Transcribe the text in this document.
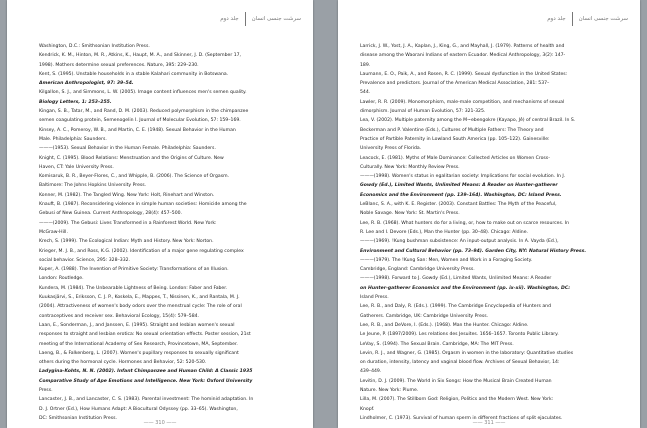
جلد دوم سرشت جنسی انسان
Washington, D.C.: Smithsonian Institution Press.
Kendrick, K. M., Hinton, M. R., Atkins, K., Haupt, M. A., and Skinner, J. D. (September 17,
1998). Mothers determine sexual preferences. Nature, 395: 229–230.
Kent, S. (1995). Unstable households in a stable Kalahari community in Botswana.
American Anthropologist, 97: 39–54.
Kilgallon, S. J., and Simmons, L. W. (2005). Image content influences men's semen quality.
Biology Letters, 1: 253–255.
Kingan, S. B., Tatar, M., and Rand, D. M. (2003). Reduced polymorphism in the chimpanzee
semen coagulating protein, Semenogelin I. Journal of Molecular Evolution, 57: 159–169.
Kinsey, A. C., Pomeroy, W. B., and Martin, C. E. (1948). Sexual Behavior in the Human
Male. Philadelphia: Saunders.
———(1953). Sexual Behavior in the Human Female. Philadelphia: Saunders.
Knight, C. (1995). Blood Relations: Menstruation and the Origins of Culture. New
Haven, CT: Yale University Press.
Komisaruk, B. R., Beyer-Flores, C., and Whipple, B. (2006). The Science of Orgasm.
Baltimore: The Johns Hopkins University Press.
Konner, M. (1982). The Tangled Wing. New York: Holt, Rinehart and Winston.
Knauft, B. (1987). Reconsidering violence in simple human societies: Homicide among the
Gebusi of New Guinea. Current Anthropology, 28(4): 457–500.
———(2009). The Gebusi: Lives Transformed in a Rainforest World. New York:
McGraw-Hill.
Krech, S. (1999). The Ecological Indian: Myth and History. New York: Norton.
Krieger, M. J. B., and Ross, K.G. (2002). Identification of a major gene regulating complex
social behavior. Science, 295: 328–332.
Kuper, A. (1988). The Invention of Primitive Society: Transformations of an Illusion.
London: Routledge.
Kundera, M. (1984). The Unbearable Lightness of Being. London: Faber and Faber.
Kuukasjärvi, S., Eriksson, C. J. P., Koskela, E., Mappes, T., Nissinen, K., and Rantala, M. J.
(2004). Attractiveness of women's body odors over the menstrual cycle: The role of oral
contraceptives and receiver sex. Behavioral Ecology, 15(4): 579–584.
Laan, E., Sonderman, J., and Janssen, E. (1995). Straight and lesbian women's sexual
responses to straight and lesbian erotica: No sexual orientation effects. Poster session, 21st
meeting of the International Academy of Sex Research, Provincetown, MA, September.
Laeng, B., & Falkenberg, L. (2007). Women's pupillary responses to sexually significant
others during the hormonal cycle. Hormones and Behavior, 52: 520-530.
Ladygina-Kohts, N. N. (2002). Infant Chimpanzee and Human Child: A Classic 1935
Comparative Study of Ape Emotions and Intelligence. New York: Oxford University
Press.
Lancaster, J. B., and Lancaster, C. S. (1983). Parental investment: The hominid adaptation. In
D. J. Ortner (Ed.), How Humans Adapt: A Biocultural Odyssey (pp. 33–65). Washington,
DC: Smithsonian Institution Press.
—— 310 ——
جلد دوم سرشت جنسی انسان
Larrick, J. W., Yost, J. A., Kaplan, J., King, G., and Mayhall, J. (1979). Patterns of health and
disease among the Waorani Indians of eastern Ecuador. Medical Anthropology, 3(2): 147-
189.
Laumann, E. O., Paik, A., and Rosen, R. C. (1999). Sexual dysfunction in the United States:
Prevalence and predictors. Journal of the American Medical Association, 281: 537–
544.
Lawler, R. R. (2009). Monomorphism, male-male competition, and mechanisms of sexual
dimorphism. Journal of Human Evolution, 57: 321-325.
Lea, V. (2002). Multiple paternity among the M~ebengokre (Kayapo, Jê) of central Brazil. In S.
Beckerman and P. Valentine (Eds.), Cultures of Multiple Fathers: The Theory and
Practice of Partible Paternity in Lowland South America (pp. 105–122). Gainesville:
University Press of Florida.
Leacock, E. (1981). Myths of Male Dominance: Collected Articles on Women Cross-
Culturally. New York: Monthly Review Press.
———(1998). Women's status in egalitarian society: Implications for social evolution. In J.
Gowdy (Ed.), Limited Wants, Unlimited Means: A Reader on Hunter-gatherer
Economics and the Environment (pp. 139–164). Washington, DC: Island Press.
LeBlanc, S. A., with K. E. Register. (2003). Constant Battles: The Myth of the Peaceful,
Noble Savage. New York: St. Martin's Press.
Lee, R. B. (1968). What hunters do for a living, or, how to make out on scarce resources. In
R. Lee and I. Devore (Eds.), Man the Hunter (pp. 30–48). Chicago: Aldine.
———(1969). !Kung bushman subsistence: An input-output analysis. In A. Vayda (Ed.),
Environment and Cultural Behavior (pp. 73–94). Garden City, NY: Natural History Press.
———(1979). The !Kung San: Men, Women and Work in a Foraging Society.
Cambridge, England: Cambridge University Press.
———(1998). Forward to J. Gowdy (Ed.), Limited Wants, Unlimited Means: A Reader
on Hunter-gatherer Economics and the Environment (pp. ix-xii). Washington, DC:
Island Press.
Lee, R. B., and Daly, R. (Eds.). (1999). The Cambridge Encyclopedia of Hunters and
Gatherers. Cambridge, UK: Cambridge University Press.
Lee, R. B., and DeVore, I. (Eds.). (1968). Man the Hunter. Chicago: Aldine.
Le Jeune, P. (1897/2009). Les relations des Jesuites. 1656–1657. Toronto Public Library.
LeVay, S. (1994). The Sexual Brain. Cambridge, MA: The MIT Press.
Levin, R. J., and Wagner, G. (1985). Orgasm in women in the laboratory: Quantitative studies
on duration, intensity, latency and vaginal blood flow. Archives of Sexual Behavior, 14:
439–449.
Levitin, D. J. (2009). The World in Six Songs: How the Musical Brain Created Human
Nature. New York: Plume.
Lilla, M. (2007). The Stillborn God: Religion, Politics and the Modern West. New York:
Knopf.
Lindholmer, C. (1973). Survival of human sperm in different fractions of split ejaculates.
—— 311 ——
